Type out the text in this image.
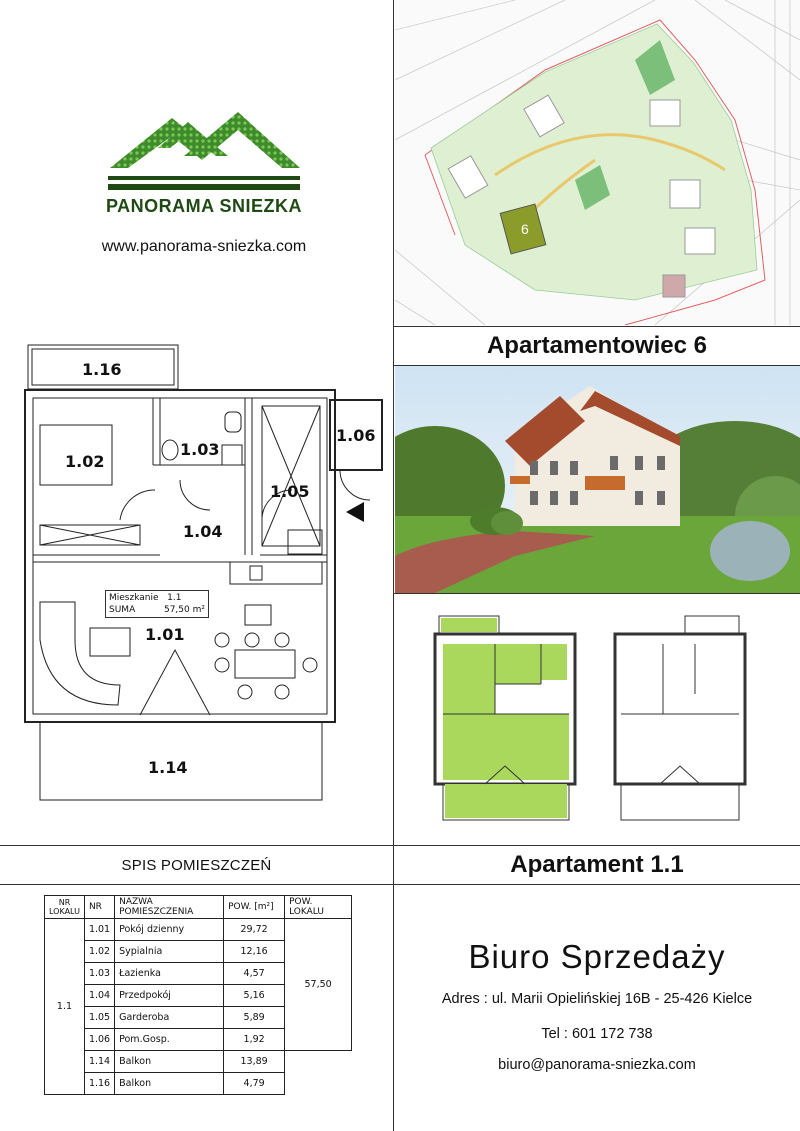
PANORAMA SNIEZKA
www.panorama-sniezka.com
6
Apartamentowiec 6
Apartament 1.1
1.16
1.02
1.03
1.06
1.05
1.04
1.01
1.14
Mieszkanie 1.1
SUMA	57,50 m²
SPIS POMIESZCZEŃ
NR LOKALU	NR	NAZWA POMIESZCZENIA	POW. [m²]	POW. LOKALU
1.1	1.01	Pokój dzienny	29,72	57,50
	1.02	Sypialnia	12,16	
	1.03	Łazienka	4,57	
	1.04	Przedpokój	5,16	
	1.05	Garderoba	5,89	
	1.06	Pom.Gosp.	1,92	
	1.14	Balkon	13,89	
	1.16	Balkon	4,79	
Biuro Sprzedaży
Adres : ul. Marii Opielińskiej 16B - 25-426 Kielce
Tel : 601 172 738
biuro@panorama-sniezka.com
